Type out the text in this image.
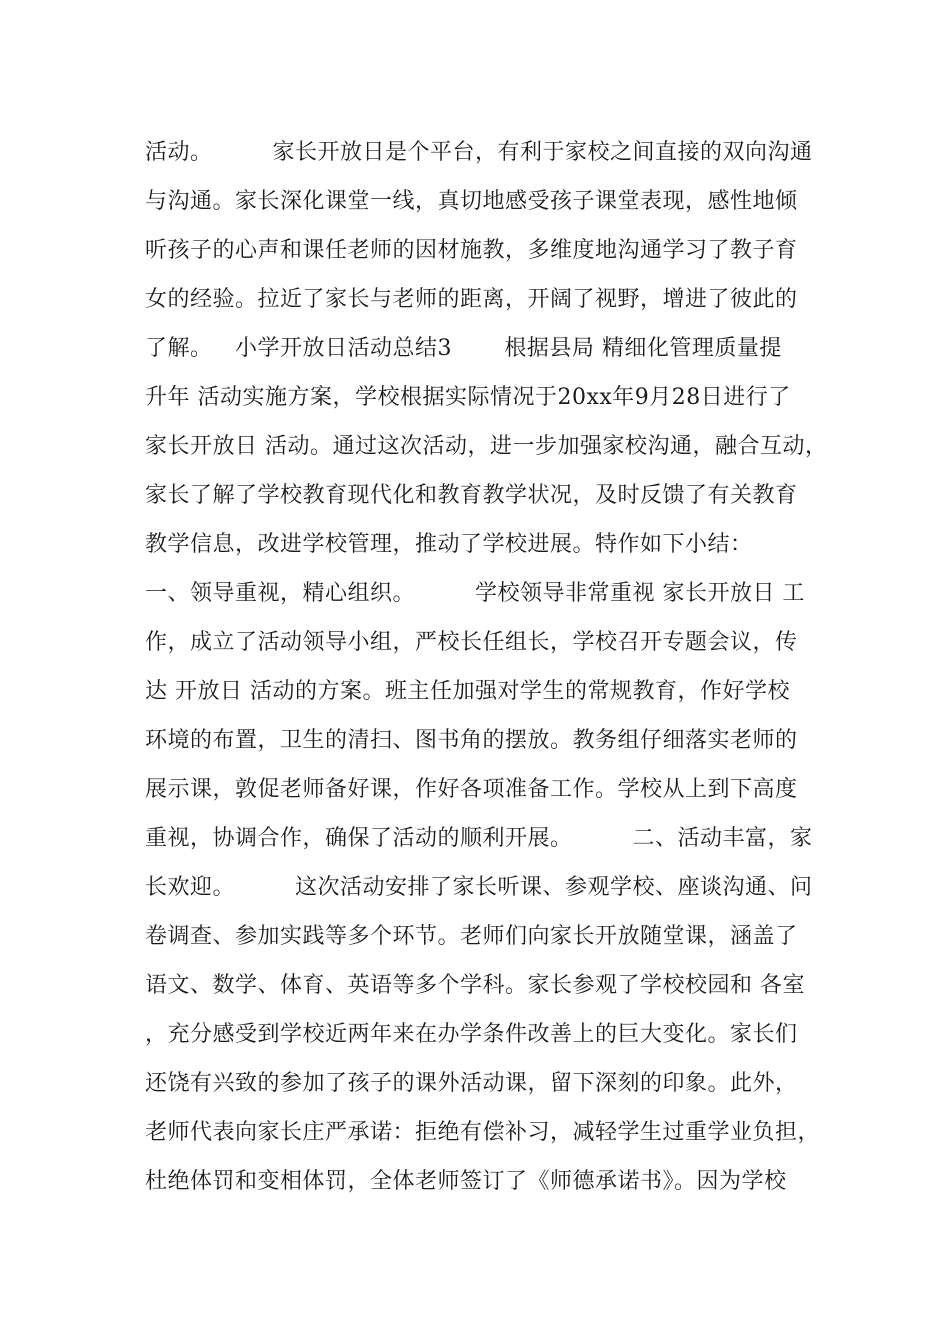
活动。        家长开放日是个平台，有利于家校之间直接的双向沟通
与沟通。家长深化课堂一线，真切地感受孩子课堂表现，感性地倾
听孩子的心声和课任老师的因材施教，多维度地沟通学习了教子育
女的经验。拉近了家长与老师的距离，开阔了视野，增进了彼此的
了解。   小学开放日活动总结3       根据县局 精细化管理质量提
升年 活动实施方案，学校根据实际情况于20xx年9月28日进行了
家长开放日 活动。通过这次活动，进一步加强家校沟通，融合互动，
家长了解了学校教育现代化和教育教学状况，及时反馈了有关教育
教学信息，改进学校管理，推动了学校进展。特作如下小结：
一、领导重视，精心组织。        学校领导非常重视 家长开放日 工
作，成立了活动领导小组，严校长任组长，学校召开专题会议，传
达 开放日 活动的方案。班主任加强对学生的常规教育，作好学校
环境的布置，卫生的清扫、图书角的摆放。教务组仔细落实老师的
展示课，敦促老师备好课，作好各项准备工作。学校从上到下高度
重视，协调合作，确保了活动的顺利开展。        二、活动丰富，家
长欢迎。        这次活动安排了家长听课、参观学校、座谈沟通、问
卷调查、参加实践等多个环节。老师们向家长开放随堂课，涵盖了
语文、数学、体育、英语等多个学科。家长参观了学校校园和 各室
，充分感受到学校近两年来在办学条件改善上的巨大变化。家长们
还饶有兴致的参加了孩子的课外活动课，留下深刻的印象。此外，
老师代表向家长庄严承诺：拒绝有偿补习，减轻学生过重学业负担，
杜绝体罚和变相体罚，全体老师签订了《师德承诺书》。因为学校
